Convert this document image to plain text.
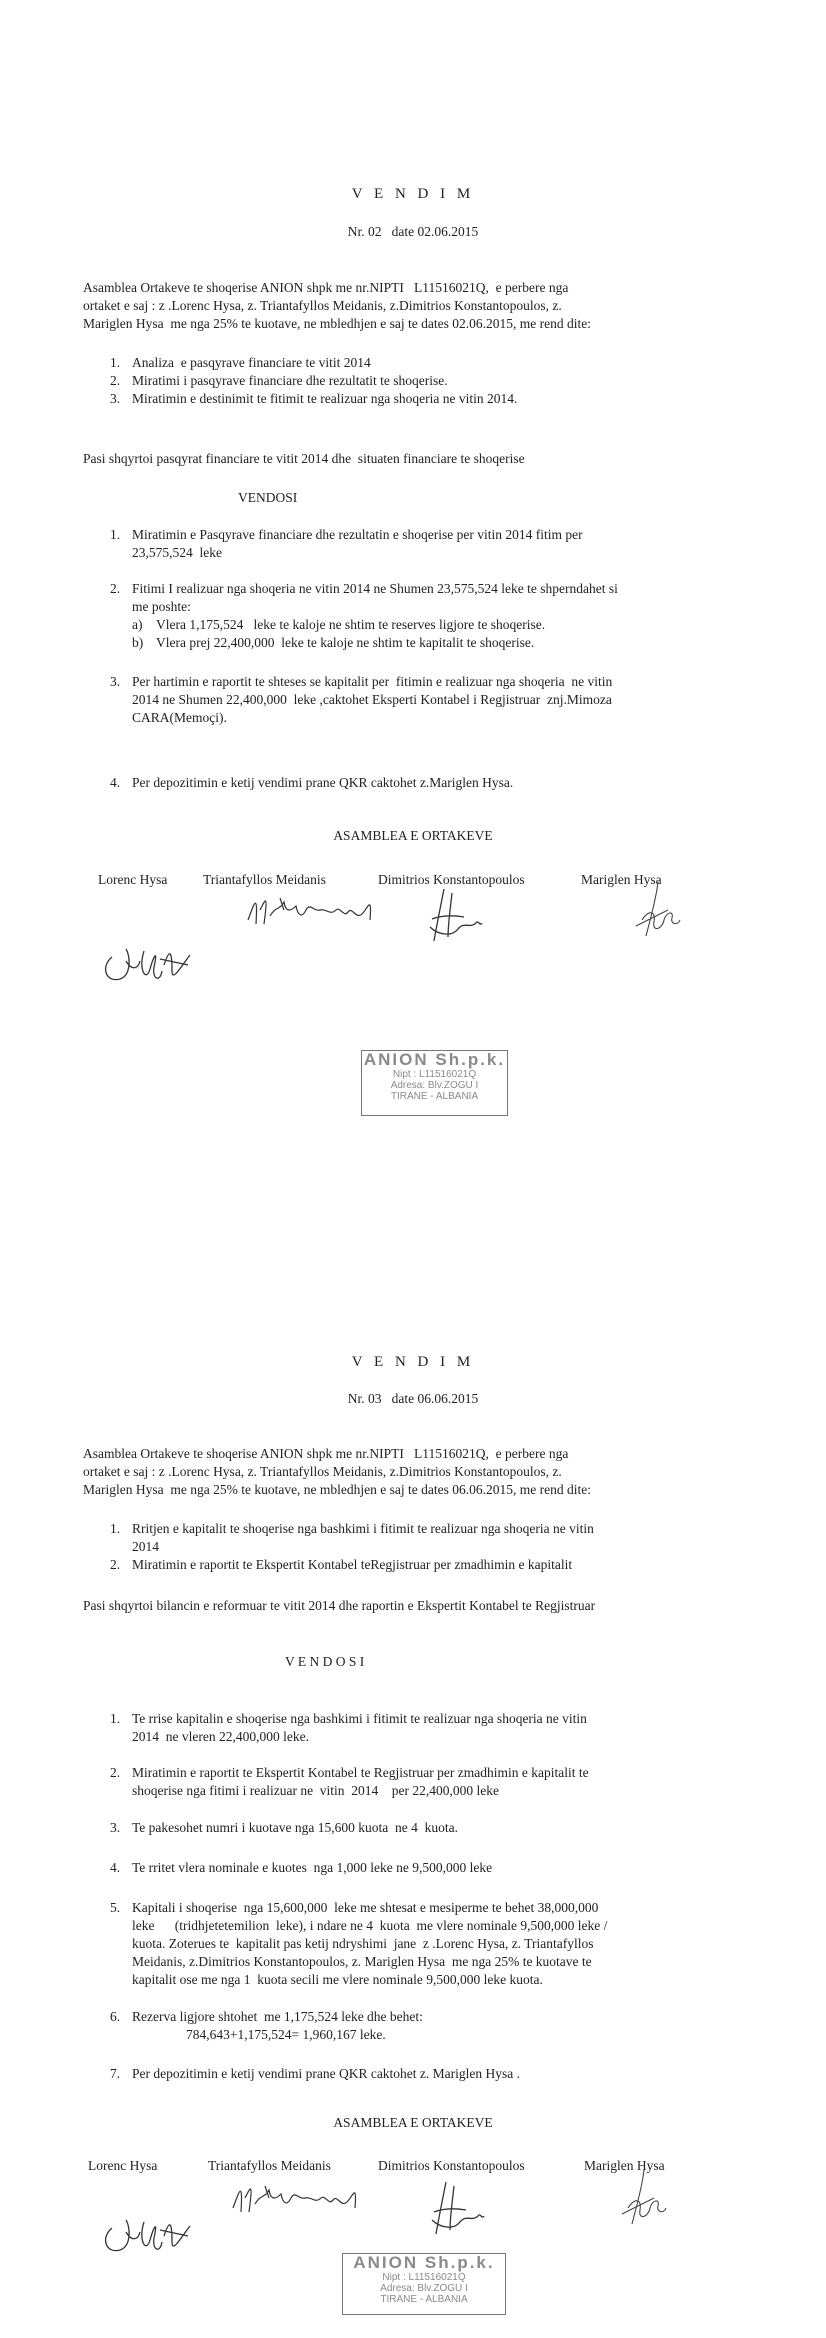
V E N D I M
Nr. 02   date 02.06.2015
Asamblea Ortakeve te shoqerise ANION shpk me nr.NIPTI   L11516021Q,  e perbere nga
ortaket e saj : z .Lorenc Hysa, z. Triantafyllos Meidanis, z.Dimitrios Konstantopoulos, z.
Mariglen Hysa  me nga 25% te kuotave, ne mbledhjen e saj te dates 02.06.2015, me rend dite:
1. Analiza  e pasqyrave financiare te vitit 2014
2. Miratimi i pasqyrave financiare dhe rezultatit te shoqerise.
3. Miratimin e destinimit te fitimit te realizuar nga shoqeria ne vitin 2014.
Pasi shqyrtoi pasqyrat financiare te vitit 2014 dhe  situaten financiare te shoqerise
VENDOSI
1. Miratimin e Pasqyrave financiare dhe rezultatin e shoqerise per vitin 2014 fitim per
23,575,524  leke
2. Fitimi I realizuar nga shoqeria ne vitin 2014 ne Shumen 23,575,524 leke te shperndahet si
me poshte:
a) Vlera 1,175,524   leke te kaloje ne shtim te reserves ligjore te shoqerise.
b) Vlera prej 22,400,000  leke te kaloje ne shtim te kapitalit te shoqerise.
3. Per hartimin e raportit te shteses se kapitalit per  fitimin e realizuar nga shoqeria  ne vitin
2014 ne Shumen 22,400,000  leke ,caktohet Eksperti Kontabel i Regjistruar  znj.Mimoza
CARA(Memoçi).
4. Per depozitimin e ketij vendimi prane QKR caktohet z.Mariglen Hysa.
ASAMBLEA E ORTAKEVE
Lorenc Hysa	Triantafyllos Meidanis	Dimitrios Konstantopoulos	Mariglen Hysa
ANION Sh.p.k.
Nipt : L11516021Q
Adresa: Blv.ZOGU I
TIRANE - ALBANIA
V E N D I M
Nr. 03   date 06.06.2015
Asamblea Ortakeve te shoqerise ANION shpk me nr.NIPTI   L11516021Q,  e perbere nga
ortaket e saj : z .Lorenc Hysa, z. Triantafyllos Meidanis, z.Dimitrios Konstantopoulos, z.
Mariglen Hysa  me nga 25% te kuotave, ne mbledhjen e saj te dates 06.06.2015, me rend dite:
1. Rritjen e kapitalit te shoqerise nga bashkimi i fitimit te realizuar nga shoqeria ne vitin
2014
2. Miratimin e raportit te Ekspertit Kontabel teRegjistruar per zmadhimin e kapitalit
Pasi shqyrtoi bilancin e reformuar te vitit 2014 dhe raportin e Ekspertit Kontabel te Regjistruar
V E N D O S I
1. Te rrise kapitalin e shoqerise nga bashkimi i fitimit te realizuar nga shoqeria ne vitin
2014  ne vleren 22,400,000 leke.
2. Miratimin e raportit te Ekspertit Kontabel te Regjistruar per zmadhimin e kapitalit te
shoqerise nga fitimi i realizuar ne  vitin  2014    per 22,400,000 leke
3. Te pakesohet numri i kuotave nga 15,600 kuota  ne 4  kuota.
4. Te rritet vlera nominale e kuotes  nga 1,000 leke ne 9,500,000 leke
5. Kapitali i shoqerise  nga 15,600,000  leke me shtesat e mesiperme te behet 38,000,000
leke      (tridhjetetemilion  leke), i ndare ne 4  kuota  me vlere nominale 9,500,000 leke /
kuota. Zoterues te  kapitalit pas ketij ndryshimi  jane  z .Lorenc Hysa, z. Triantafyllos
Meidanis, z.Dimitrios Konstantopoulos, z. Mariglen Hysa  me nga 25% te kuotave te
kapitalit ose me nga 1  kuota secili me vlere nominale 9,500,000 leke kuota.
6. Rezerva ligjore shtohet  me 1,175,524 leke dhe behet:
784,643+1,175,524= 1,960,167 leke.
7. Per depozitimin e ketij vendimi prane QKR caktohet z. Mariglen Hysa .
ASAMBLEA E ORTAKEVE
Lorenc Hysa	Triantafyllos Meidanis	Dimitrios Konstantopoulos	Mariglen Hysa
ANION Sh.p.k.
Nipt : L11516021Q
Adresa: Blv.ZOGU I
TIRANE - ALBANIA
